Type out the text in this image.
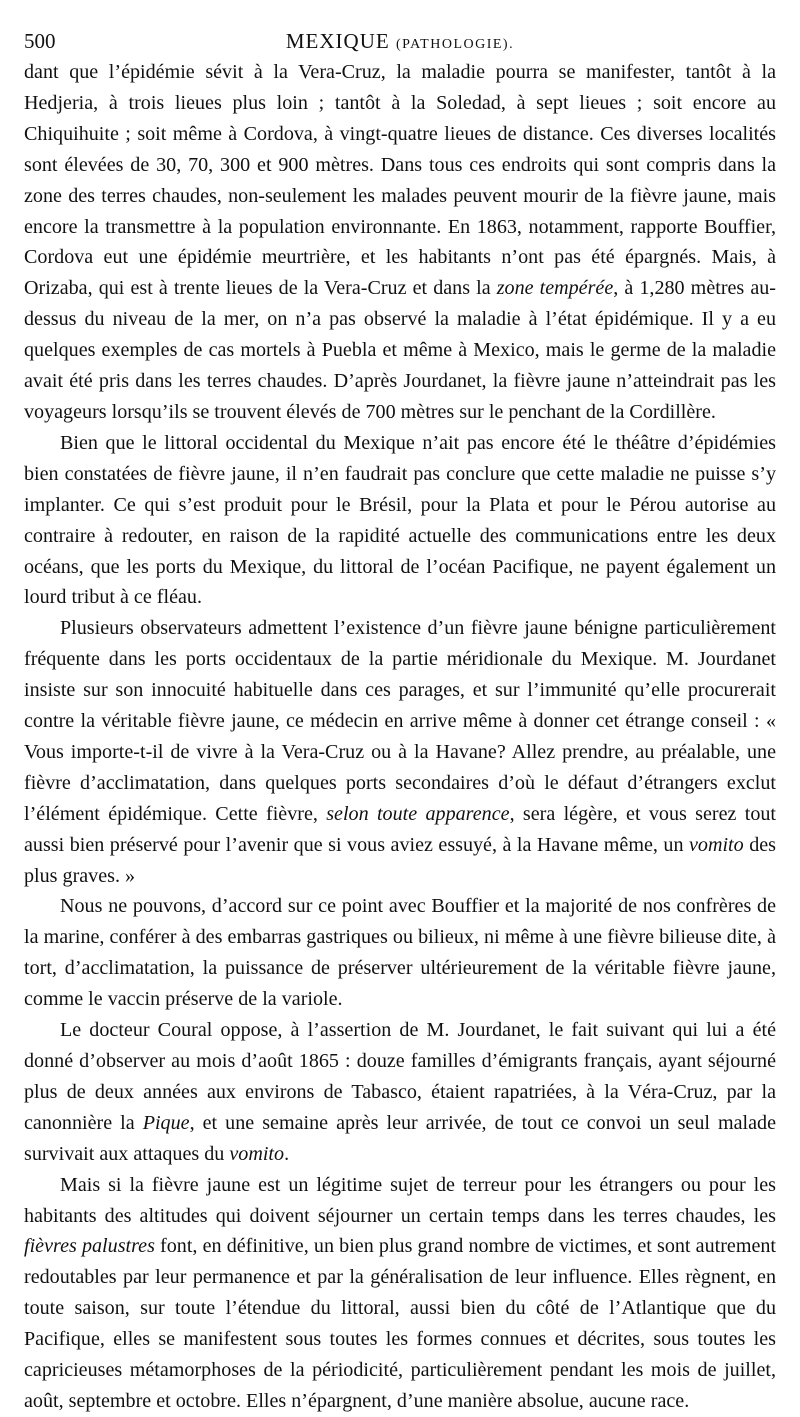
500	MEXIQUE (PATHOLOGIE).

dant que l’épidémie sévit à la Vera-Cruz, la maladie pourra se manifester, tantôt à la Hedjeria, à trois lieues plus loin ; tantôt à la Soledad, à sept lieues ; soit encore au Chiquihuite ; soit même à Cordova, à vingt-quatre lieues de distance. Ces diverses localités sont élevées de 30, 70, 300 et 900 mètres. Dans tous ces endroits qui sont compris dans la zone des terres chaudes, non-seulement les malades peuvent mourir de la fièvre jaune, mais encore la transmettre à la population environnante. En 1863, notamment, rapporte Bouffier, Cordova eut une épidémie meurtrière, et les habitants n’ont pas été épargnés. Mais, à Orizaba, qui est à trente lieues de la Vera-Cruz et dans la zone tempérée, à 1,280 mètres au-dessus du niveau de la mer, on n’a pas observé la maladie à l’état épidémique. Il y a eu quelques exemples de cas mortels à Puebla et même à Mexico, mais le germe de la maladie avait été pris dans les terres chaudes. D’après Jourdanet, la fièvre jaune n’atteindrait pas les voyageurs lorsqu’ils se trouvent élevés de 700 mètres sur le penchant de la Cordillère.

Bien que le littoral occidental du Mexique n’ait pas encore été le théâtre d’épidémies bien constatées de fièvre jaune, il n’en faudrait pas conclure que cette maladie ne puisse s’y implanter. Ce qui s’est produit pour le Brésil, pour la Plata et pour le Pérou autorise au contraire à redouter, en raison de la rapidité actuelle des communications entre les deux océans, que les ports du Mexique, du littoral de l’océan Pacifique, ne payent également un lourd tribut à ce fléau.

Plusieurs observateurs admettent l’existence d’un fièvre jaune bénigne particulièrement fréquente dans les ports occidentaux de la partie méridionale du Mexique. M. Jourdanet insiste sur son innocuité habituelle dans ces parages, et sur l’immunité qu’elle procurerait contre la véritable fièvre jaune, ce médecin en arrive même à donner cet étrange conseil : « Vous importe-t-il de vivre à la Vera-Cruz ou à la Havane? Allez prendre, au préalable, une fièvre d’acclimatation, dans quelques ports secondaires d’où le défaut d’étrangers exclut l’élément épidémique. Cette fièvre, selon toute apparence, sera légère, et vous serez tout aussi bien préservé pour l’avenir que si vous aviez essuyé, à la Havane même, un vomito des plus graves. »

Nous ne pouvons, d’accord sur ce point avec Bouffier et la majorité de nos confrères de la marine, conférer à des embarras gastriques ou bilieux, ni même à une fièvre bilieuse dite, à tort, d’acclimatation, la puissance de préserver ultérieurement de la véritable fièvre jaune, comme le vaccin préserve de la variole.

Le docteur Coural oppose, à l’assertion de M. Jourdanet, le fait suivant qui lui a été donné d’observer au mois d’août 1865 : douze familles d’émigrants français, ayant séjourné plus de deux années aux environs de Tabasco, étaient rapatriées, à la Véra-Cruz, par la canonnière la Pique, et une semaine après leur arrivée, de tout ce convoi un seul malade survivait aux attaques du vomito.

Mais si la fièvre jaune est un légitime sujet de terreur pour les étrangers ou pour les habitants des altitudes qui doivent séjourner un certain temps dans les terres chaudes, les fièvres palustres font, en définitive, un bien plus grand nombre de victimes, et sont autrement redoutables par leur permanence et par la généralisation de leur influence. Elles règnent, en toute saison, sur toute l’étendue du littoral, aussi bien du côté de l’Atlantique que du Pacifique, elles se manifestent sous toutes les formes connues et décrites, sous toutes les capricieuses métamorphoses de la périodicité, particulièrement pendant les mois de juillet, août, septembre et octobre. Elles n’épargnent, d’une manière absolue, aucune race.
